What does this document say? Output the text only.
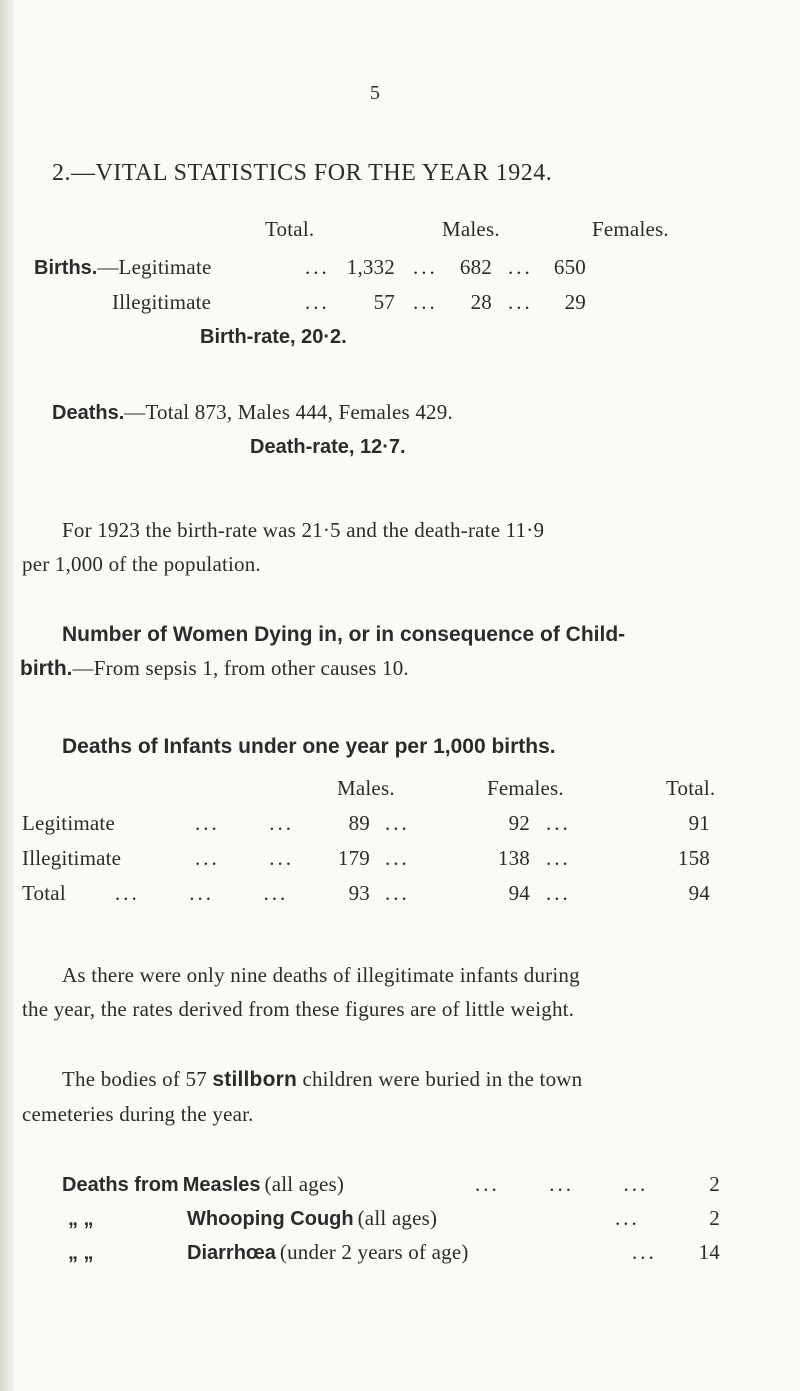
5
2.—VITAL STATISTICS FOR THE YEAR 1924.
Total.	Males.	Females.
Births.—Legitimate	... 1,332 ...	682 ...	650
Illegitimate	...	57 ...	28 ...	29
Birth-rate, 20·2.
Deaths.—Total 873, Males 444, Females 429.
Death-rate, 12·7.
For 1923 the birth-rate was 21·5 and the death-rate 11·9
per 1,000 of the population.
Number of Women Dying in, or in consequence of Child-
birth.—From sepsis 1, from other causes 10.
Deaths of Infants under one year per 1,000 births.
Males.	Females.	Total.
Legitimate	...      ...	89 ...	92 ...	91
Illegitimate	...      ...	179 ...	138 ...	158
Total ...      ...      ...	93 ...	94 ...	94
As there were only nine deaths of illegitimate infants during
the year, the rates derived from these figures are of little weight.
The bodies of 57 stillborn children were buried in the town
cemeteries during the year.
Deaths from Measles (all ages)	...      ...      ...	2
„ „	Whooping Cough (all ages)	...	2
„ „	Diarrhœa (under 2 years of age)	...	14
